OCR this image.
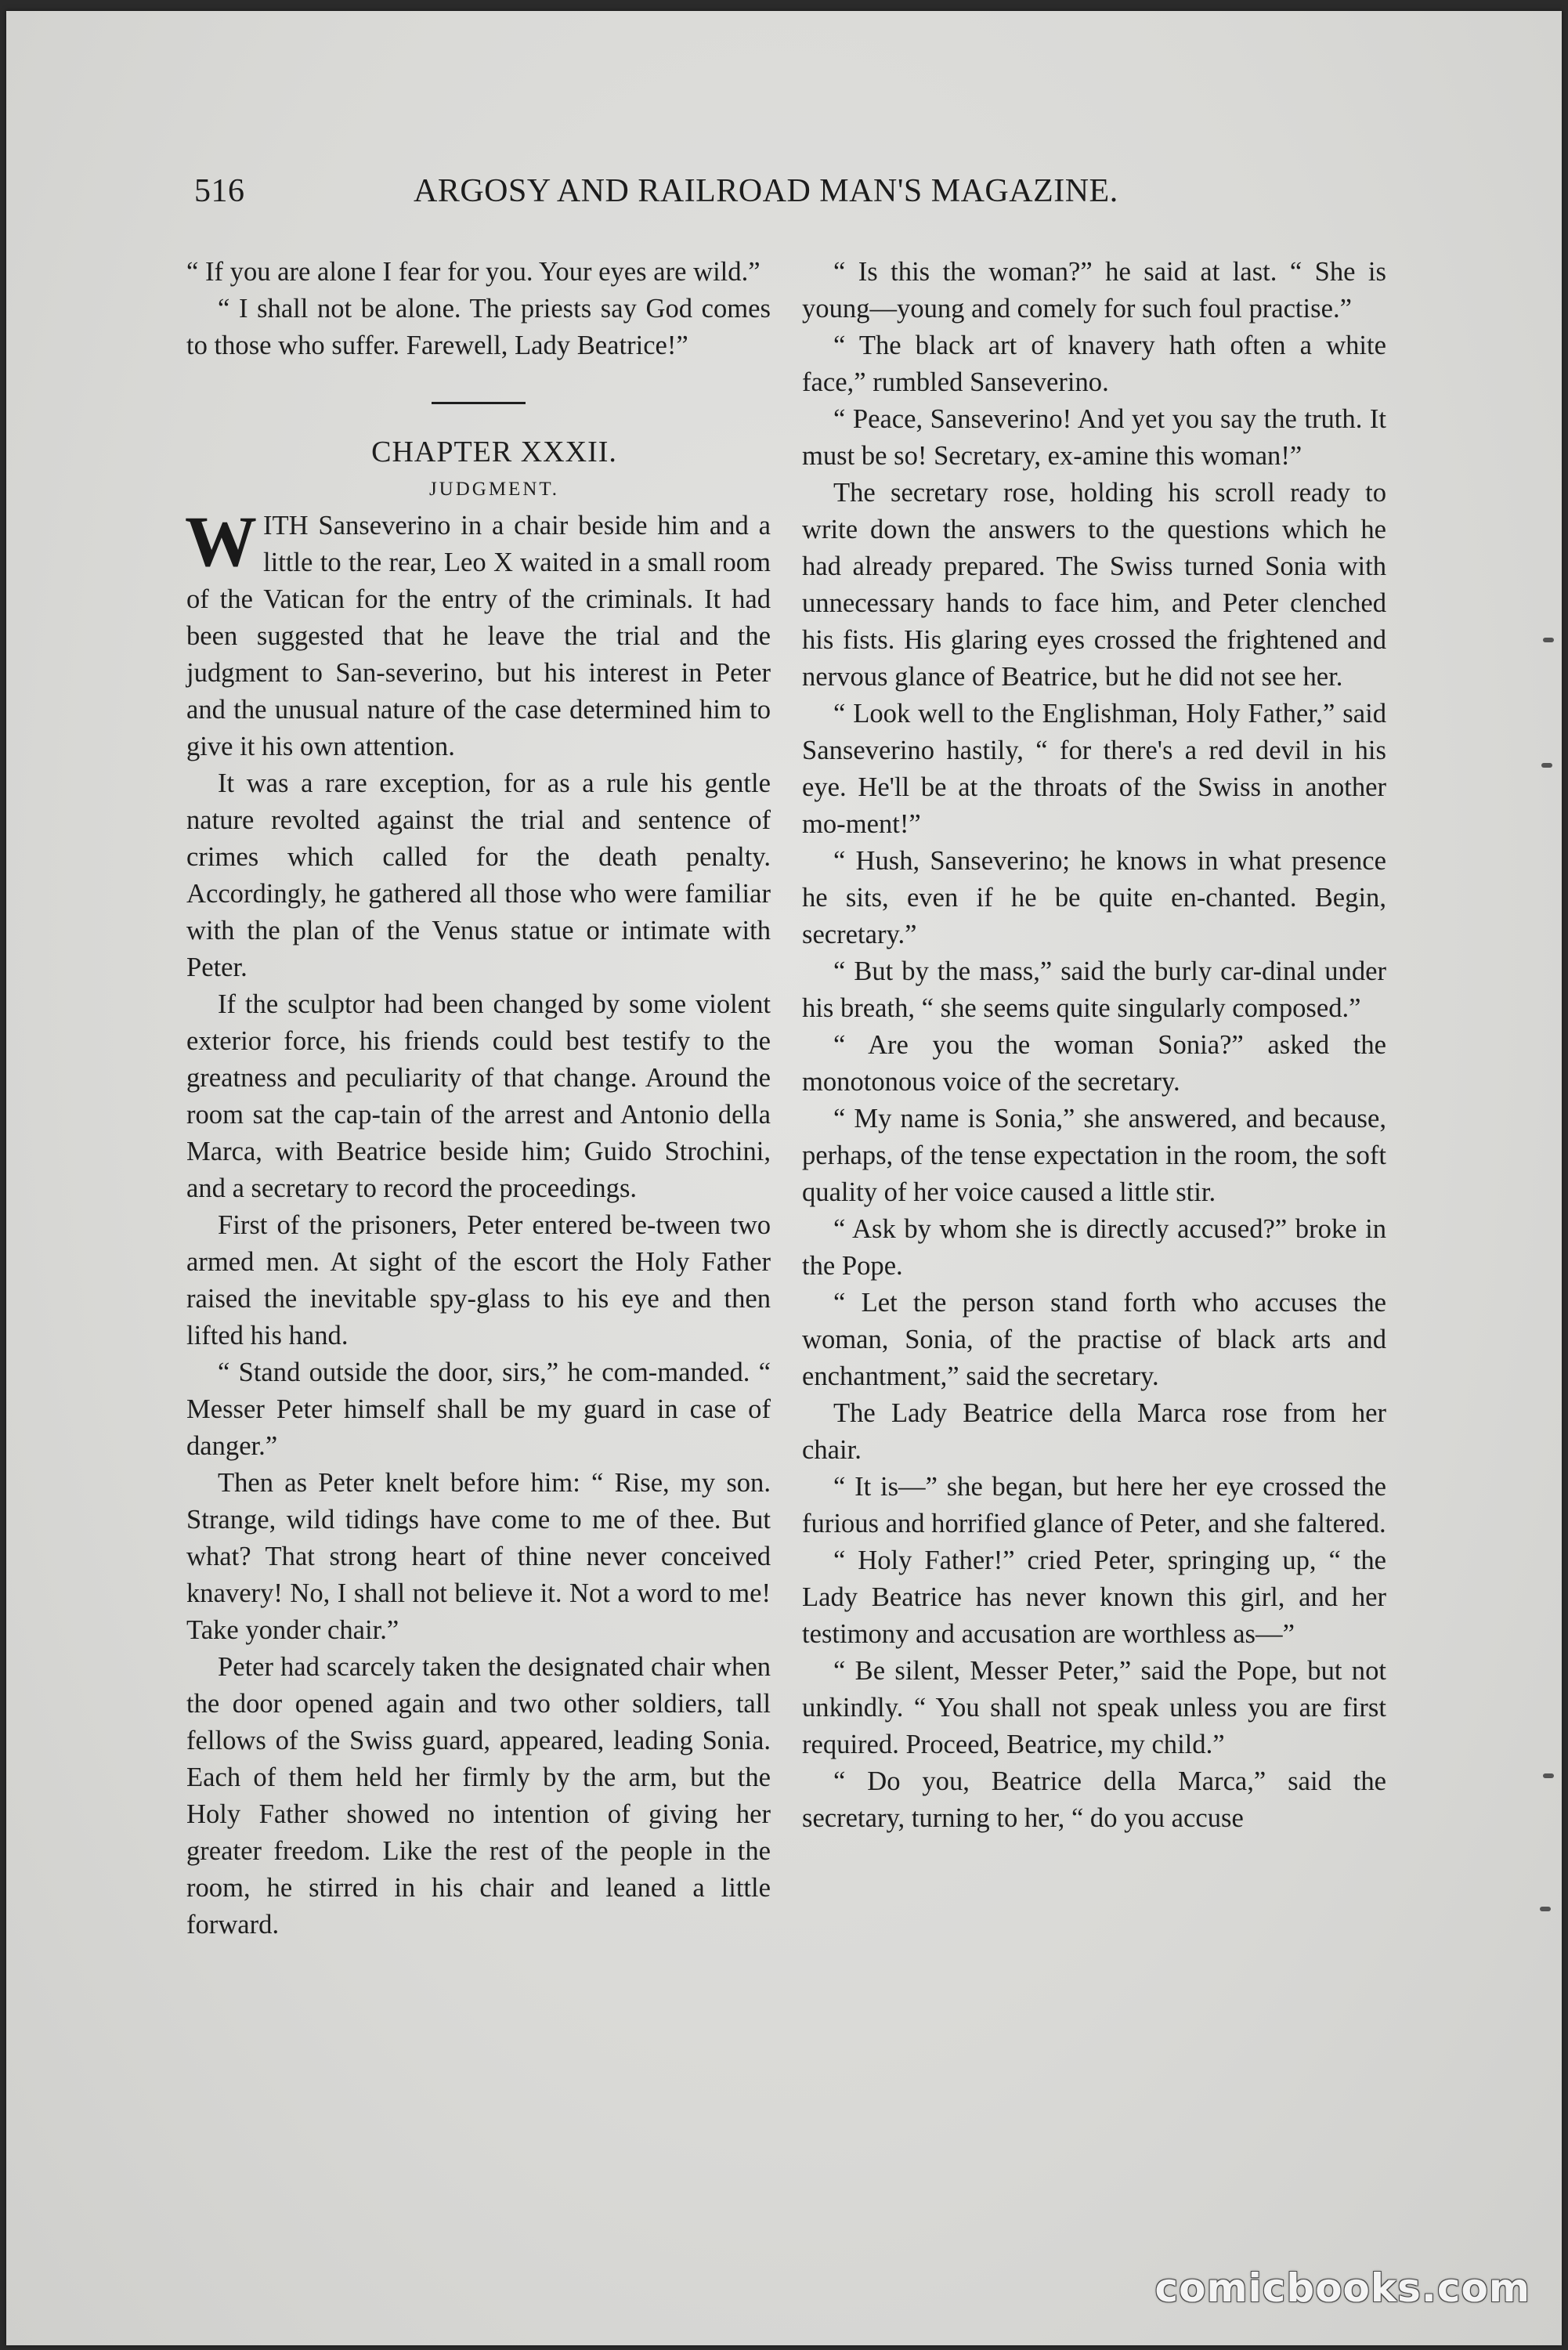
516	ARGOSY AND RAILROAD MAN'S MAGAZINE.

“ If you are alone I fear for you. Your eyes are wild.”

“ I shall not be alone. The priests say God comes to those who suffer. Farewell, Lady Beatrice!”

CHAPTER XXXII.

JUDGMENT.

WITH Sanseverino in a chair beside him and a little to the rear, Leo X waited in a small room of the Vatican for the entry of the criminals. It had been suggested that he leave the trial and the judgment to San-severino, but his interest in Peter and the unusual nature of the case determined him to give it his own attention.

It was a rare exception, for as a rule his gentle nature revolted against the trial and sentence of crimes which called for the death penalty. Accordingly, he gathered all those who were familiar with the plan of the Venus statue or intimate with Peter.

If the sculptor had been changed by some violent exterior force, his friends could best testify to the greatness and peculiarity of that change. Around the room sat the cap-tain of the arrest and Antonio della Marca, with Beatrice beside him; Guido Strochini, and a secretary to record the proceedings.

First of the prisoners, Peter entered be-tween two armed men. At sight of the escort the Holy Father raised the inevitable spy-glass to his eye and then lifted his hand.

“ Stand outside the door, sirs,” he com-manded. “ Messer Peter himself shall be my guard in case of danger.”

Then as Peter knelt before him: “ Rise, my son. Strange, wild tidings have come to me of thee. But what? That strong heart of thine never conceived knavery! No, I shall not believe it. Not a word to me! Take yonder chair.”

Peter had scarcely taken the designated chair when the door opened again and two other soldiers, tall fellows of the Swiss guard, appeared, leading Sonia. Each of them held her firmly by the arm, but the Holy Father showed no intention of giving her greater freedom. Like the rest of the people in the room, he stirred in his chair and leaned a little forward.

“ Is this the woman?” he said at last. “ She is young—young and comely for such foul practise.”

“ The black art of knavery hath often a white face,” rumbled Sanseverino.

“ Peace, Sanseverino! And yet you say the truth. It must be so! Secretary, ex-amine this woman!”

The secretary rose, holding his scroll ready to write down the answers to the questions which he had already prepared. The Swiss turned Sonia with unnecessary hands to face him, and Peter clenched his fists. His glaring eyes crossed the frightened and nervous glance of Beatrice, but he did not see her.

“ Look well to the Englishman, Holy Father,” said Sanseverino hastily, “ for there's a red devil in his eye. He'll be at the throats of the Swiss in another mo-ment!”

“ Hush, Sanseverino; he knows in what presence he sits, even if he be quite en-chanted. Begin, secretary.”

“ But by the mass,” said the burly car-dinal under his breath, “ she seems quite singularly composed.”

“ Are you the woman Sonia?” asked the monotonous voice of the secretary.

“ My name is Sonia,” she answered, and because, perhaps, of the tense expectation in the room, the soft quality of her voice caused a little stir.

“ Ask by whom she is directly accused?” broke in the Pope.

“ Let the person stand forth who accuses the woman, Sonia, of the practise of black arts and enchantment,” said the secretary.

The Lady Beatrice della Marca rose from her chair.

“ It is—” she began, but here her eye crossed the furious and horrified glance of Peter, and she faltered.

“ Holy Father!” cried Peter, springing up, “ the Lady Beatrice has never known this girl, and her testimony and accusation are worthless as—”

“ Be silent, Messer Peter,” said the Pope, but not unkindly. “ You shall not speak unless you are first required. Proceed, Beatrice, my child.”

“ Do you, Beatrice della Marca,” said the secretary, turning to her, “ do you accuse

comicbooks.com
